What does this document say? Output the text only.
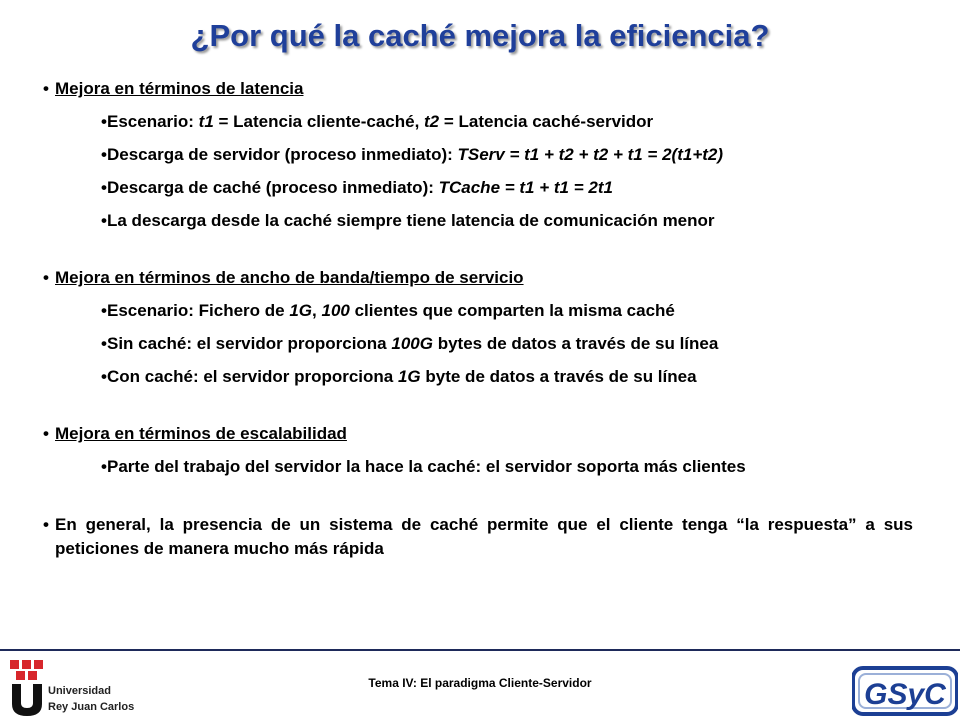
¿Por qué la caché mejora la eficiencia?
• Mejora en términos de latencia
• Escenario: t1 = Latencia cliente-caché, t2 = Latencia caché-servidor
• Descarga de servidor (proceso inmediato): TServ = t1 + t2 + t2 + t1 = 2(t1+t2)
• Descarga de caché (proceso inmediato): TCache = t1 + t1 = 2t1
• La descarga desde la caché siempre tiene latencia de comunicación menor
• Mejora en términos de ancho de banda/tiempo de servicio
• Escenario: Fichero de 1G, 100 clientes que comparten la misma caché
• Sin caché: el servidor proporciona 100G bytes de datos a través de su línea
• Con caché: el servidor proporciona 1G byte de datos a través de su línea
• Mejora en términos de escalabilidad
• Parte del trabajo del servidor la hace la caché: el servidor soporta más clientes
• En general, la presencia de un sistema de caché permite que el cliente tenga “la respuesta” a sus peticiones de manera mucho más rápida
Tema IV: El paradigma Cliente-Servidor
Universidad
Rey Juan Carlos	GSyC
